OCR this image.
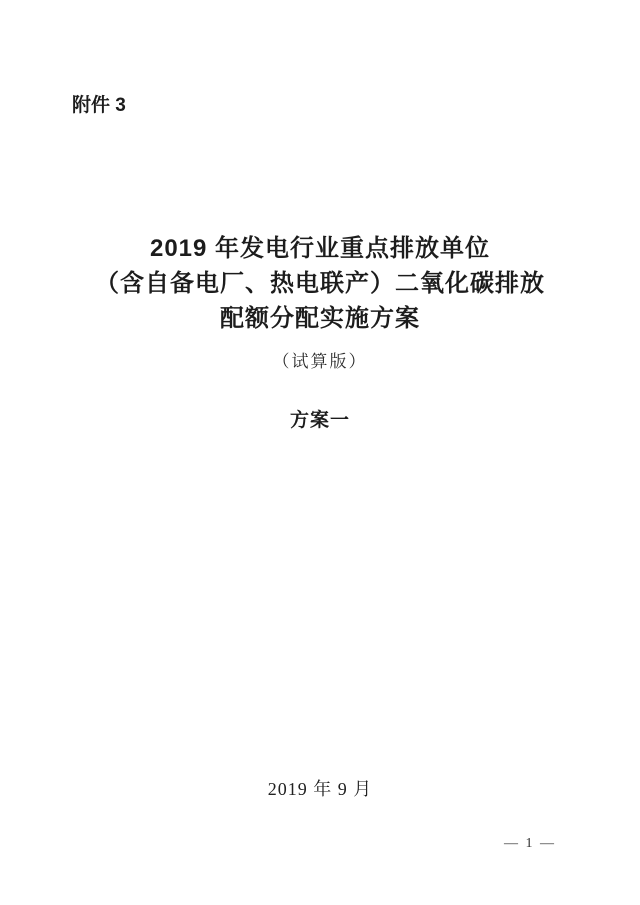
附件 3
2019 年发电行业重点排放单位
（含自备电厂、热电联产）二氧化碳排放
配额分配实施方案
（试算版）
方案一
2019 年 9 月
— 1 —
